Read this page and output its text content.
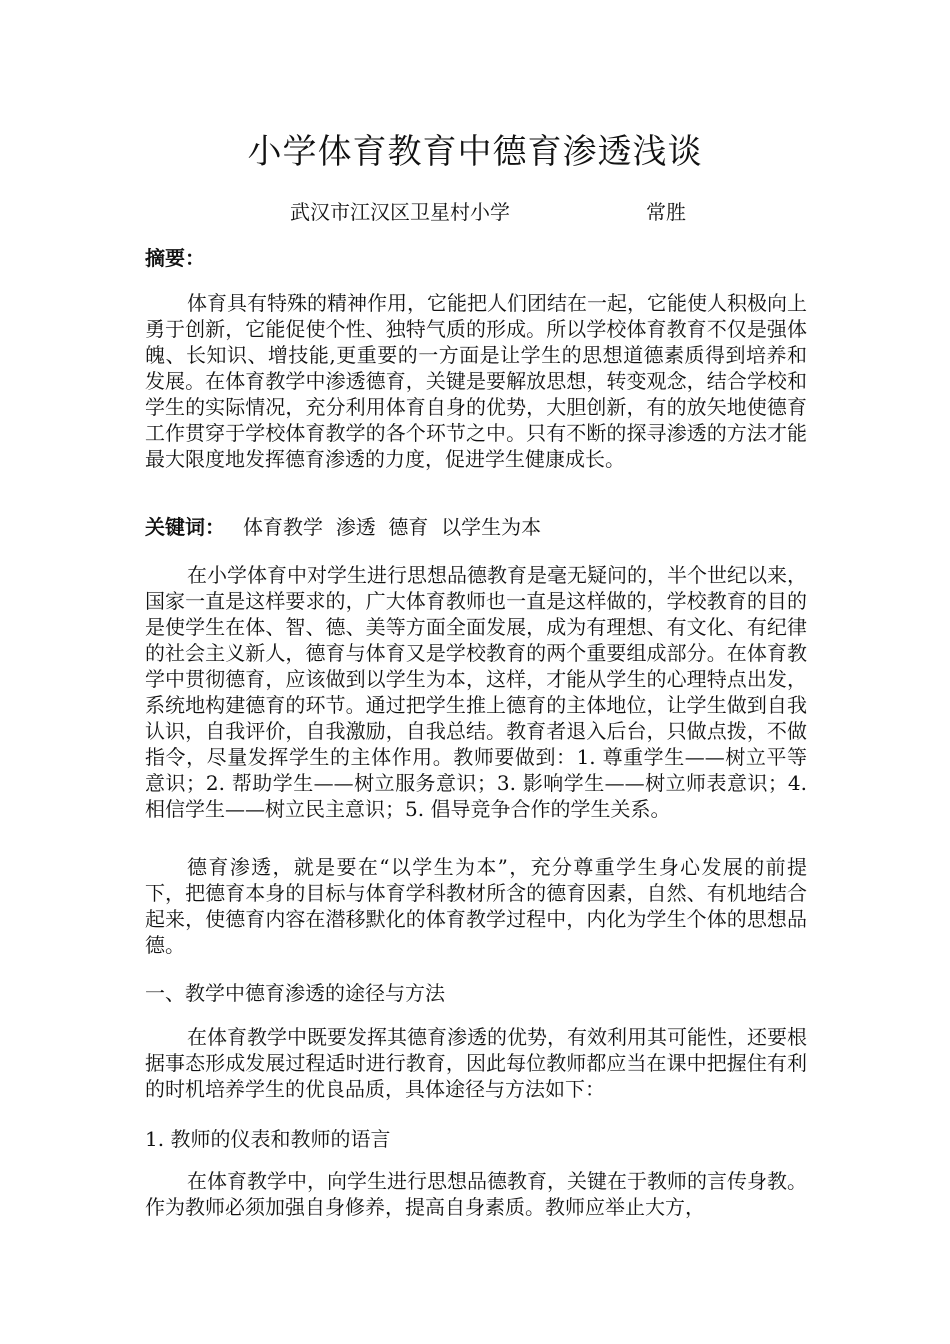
小学体育教育中德育渗透浅谈
武汉市江汉区卫星村小学	常胜

摘要：

体育具有特殊的精神作用，它能把人们团结在一起，它能使人积极向上勇于创新，它能促使个性、独特气质的形成。所以学校体育教育不仅是强体魄、长知识、增技能,更重要的一方面是让学生的思想道德素质得到培养和发展。在体育教学中渗透德育，关键是要解放思想，转变观念，结合学校和学生的实际情况，充分利用体育自身的优势，大胆创新，有的放矢地使德育工作贯穿于学校体育教学的各个环节之中。只有不断的探寻渗透的方法才能最大限度地发挥德育渗透的力度，促进学生健康成长。

关键词： 体育教学  渗透  德育  以学生为本

在小学体育中对学生进行思想品德教育是毫无疑问的，半个世纪以来，国家一直是这样要求的，广大体育教师也一直是这样做的，学校教育的目的是使学生在体、智、德、美等方面全面发展，成为有理想、有文化、有纪律的社会主义新人，德育与体育又是学校教育的两个重要组成部分。在体育教学中贯彻德育，应该做到以学生为本，这样，才能从学生的心理特点出发，系统地构建德育的环节。通过把学生推上德育的主体地位，让学生做到自我认识，自我评价，自我激励，自我总结。教育者退入后台，只做点拨，不做指令，尽量发挥学生的主体作用。教师要做到：1. 尊重学生——树立平等意识；2. 帮助学生——树立服务意识；3. 影响学生——树立师表意识；4. 相信学生——树立民主意识；5. 倡导竞争合作的学生关系。

德育渗透，就是要在“以学生为本”，充分尊重学生身心发展的前提下，把德育本身的目标与体育学科教材所含的德育因素，自然、有机地结合起来，使德育内容在潜移默化的体育教学过程中，内化为学生个体的思想品德。

一、教学中德育渗透的途径与方法

在体育教学中既要发挥其德育渗透的优势，有效利用其可能性，还要根据事态形成发展过程适时进行教育，因此每位教师都应当在课中把握住有利的时机培养学生的优良品质，具体途径与方法如下：

1. 教师的仪表和教师的语言

在体育教学中，向学生进行思想品德教育，关键在于教师的言传身教。作为教师必须加强自身修养，提高自身素质。教师应举止大方，
